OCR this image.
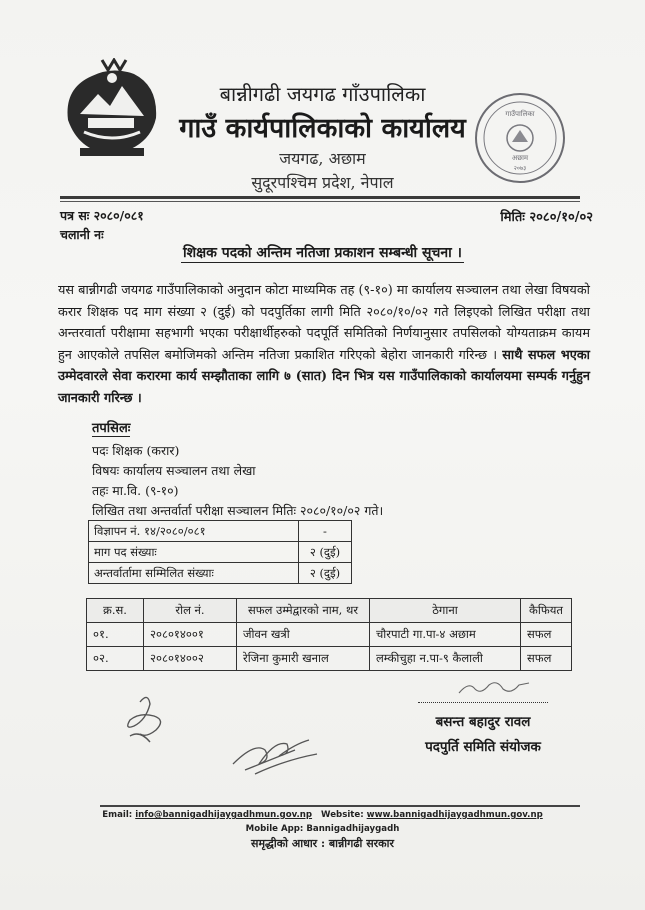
गाउँपालिका
अछाम
२०७३
बान्नीगढी जयगढ गाँउपालिका
गाउँ कार्यपालिकाको कार्यालय
जयगढ, अछाम
सुदूरपश्चिम प्रदेश, नेपाल
पत्र सः २०८०/०८१
चलानी नः
मितिः २०८०/१०/०२
शिक्षक पदको अन्तिम नतिजा प्रकाशन सम्बन्धी सूचना ।
यस बान्नीगढी जयगढ गाउँपालिकाको अनुदान कोटा माध्यमिक तह (९-१०) मा कार्यालय सञ्चालन तथा लेखा विषयको करार शिक्षक पद माग संख्या २ (दुई) को पदपुर्तिका लागी मिति २०८०/१०/०२ गते लिइएको लिखित परीक्षा तथा अन्तरवार्ता परीक्षामा सहभागी भएका परीक्षार्थीहरुको पदपूर्ति समितिको निर्णयानुसार तपसिलको योग्यताक्रम कायम हुन आएकोले तपसिल बमोजिमको अन्तिम नतिजा प्रकाशित गरिएको बेहोरा जानकारी गरिन्छ । साथै सफल भएका उम्मेदवारले सेवा करारमा कार्य सम्झौताका लागि ७ (सात) दिन भित्र यस गाउँपालिकाको कार्यालयमा सम्पर्क गर्नुहुन जानकारी गरिन्छ ।
तपसिलः
पदः शिक्षक (करार)
विषयः कार्यालय सञ्चालन तथा लेखा
तहः मा.वि. (९-१०)
लिखित तथा अन्तर्वार्ता परीक्षा सञ्चालन मितिः २०८०/१०/०२ गते।
विज्ञापन नं. १४/२०८०/०८१	-
माग पद संख्याः	२ (दुई)
अन्तर्वार्तामा सम्मिलित संख्याः	२ (दुई)
क्र.स.	रोल नं.	सफल उम्मेद्वारको नाम, थर	ठेगाना	कैफियत
०१.	२०८०१४००१	जीवन खत्री	चौरपाटी गा.पा-४ अछाम	सफल
०२.	२०८०१४००२	रेजिना कुमारी खनाल	लम्कीचुहा न.पा-९ कैलाली	सफल
बसन्त बहादुर रावल
पदपुर्ति समिति संयोजक
Email: info@bannigadhijaygadhmun.gov.np Website: www.bannigadhijaygadhmun.gov.np
Mobile App: Bannigadhijaygadh
समृद्धीको आधार : बान्नीगढी सरकार
